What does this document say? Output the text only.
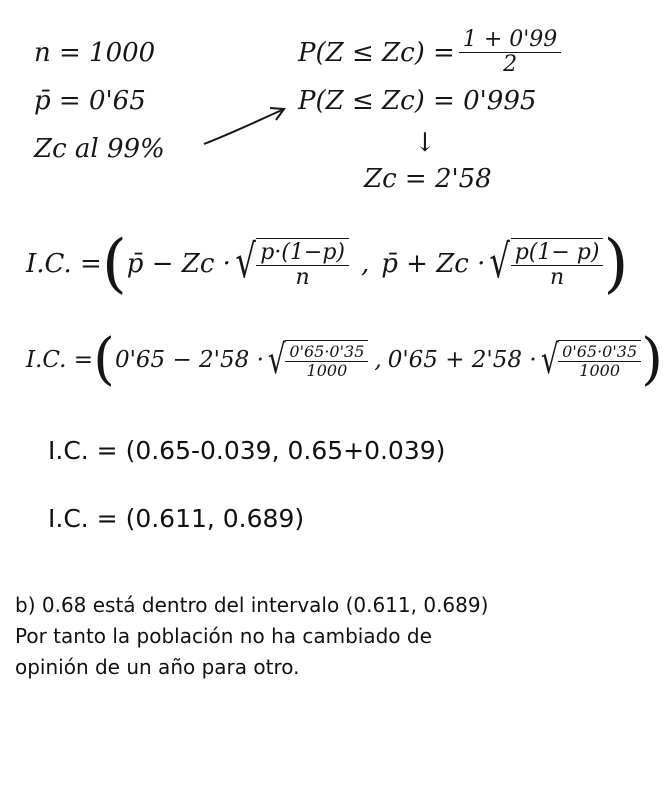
n = 1000
p̄ = 0'65
Zc al 99%
$P(Z \le Zc) = \frac{1 + 0'99}{2}$
P(Z ≤ Zc) = 0'995
↓
Zc = 2'58
I.C. = ( p̄ − Zc · √ $\frac{p\cdot(1-p)}{n}$ , p̄ + Zc · √ $\frac{p(1- p)}{n}$ )
I.C. = ( 0'65 − 2'58 · √ $\frac{0'65\cdot 0'35}{1000}$ , 0'65 + 2'58 · √ $\frac{0'65\cdot 0'35}{1000}$ )
I.C. = (0.65-0.039, 0.65+0.039)
I.C. = (0.611, 0.689)
b) 0.68 está dentro del intervalo (0.611, 0.689)
Por tanto la población no ha cambiado de
opinión de un año para otro.
